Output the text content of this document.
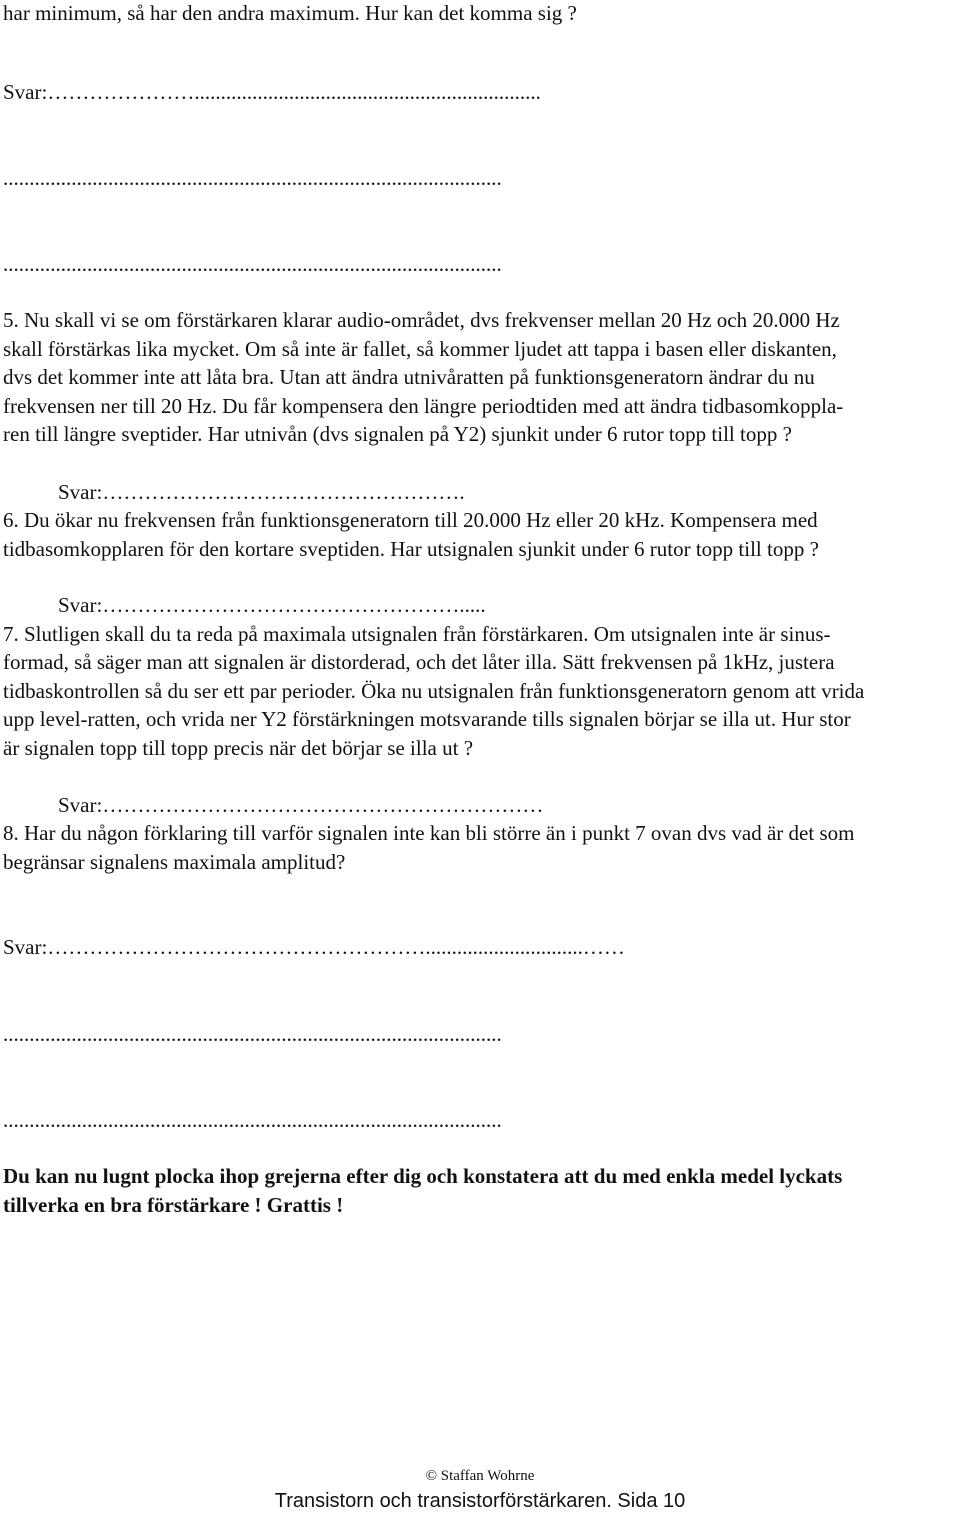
har minimum, så har den andra maximum. Hur kan det komma sig ?

Svar:…………………..................................................................

...............................................................................................

...............................................................................................

5. Nu skall vi se om förstärkaren klarar audio-området, dvs frekvenser mellan 20 Hz och 20.000 Hz

skall förstärkas lika mycket. Om så inte är fallet, så kommer ljudet att tappa i basen eller diskanten,

dvs det kommer inte att låta bra. Utan att ändra utnivåratten på funktionsgeneratorn ändrar du nu

frekvensen ner till 20 Hz. Du får kompensera den längre periodtiden med att ändra tidbasomkoppla-

ren till längre sveptider. Har utnivån (dvs signalen på Y2) sjunkit under 6 rutor topp till topp ?

Svar:…………………………………………….

6. Du ökar nu frekvensen från funktionsgeneratorn till 20.000 Hz eller 20 kHz. Kompensera med

tidbasomkopplaren för den kortare sveptiden. Har utsignalen sjunkit under 6 rutor topp till topp ?

Svar:…………………………………………….....

7. Slutligen skall du ta reda på maximala utsignalen från förstärkaren. Om utsignalen inte är sinus-

formad, så säger man att signalen är distorderad, och det låter illa. Sätt frekvensen på 1kHz, justera

tidbaskontrollen så du ser ett par perioder. Öka nu utsignalen från funktionsgeneratorn genom att vrida

upp level-ratten, och vrida ner Y2 förstärkningen motsvarande tills signalen börjar se illa ut. Hur stor

är signalen topp till topp precis när det börjar se illa ut ?

Svar:………………………………………………………

8. Har du någon förklaring till varför signalen inte kan bli större än i punkt 7 ovan dvs vad är det som

begränsar signalens maximala amplitud?

Svar:………………………………………………..............................……

...............................................................................................

...............................................................................................

Du kan nu lugnt plocka ihop grejerna efter dig och konstatera att du med enkla medel lyckats

tillverka en bra förstärkare ! Grattis !

© Staffan Wohrne

Transistorn och transistorförstärkaren. Sida 10
